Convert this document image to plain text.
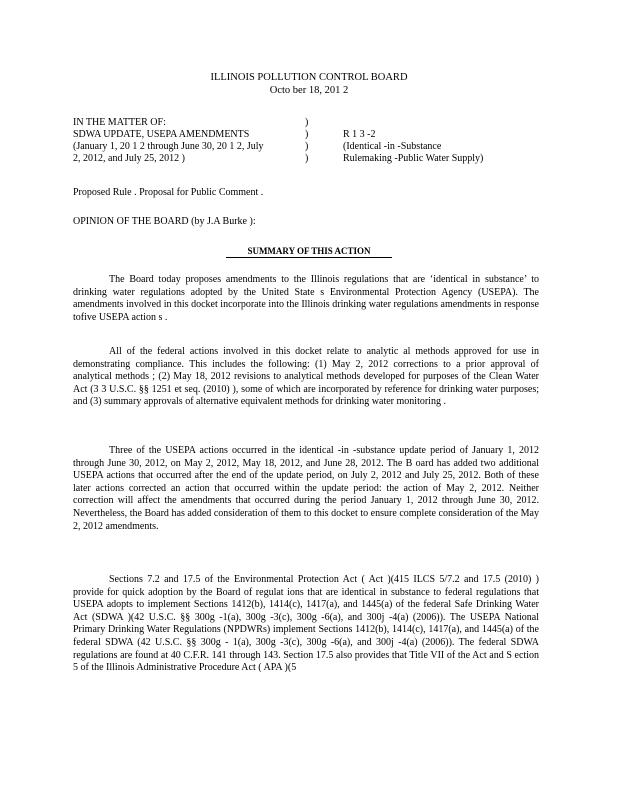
ILLINOIS POLLUTION CONTROL BOARD
Octo ber 18, 201 2
IN THE MATTER OF:	)
SDWA UPDATE, USEPA AMENDMENTS	)	R 1 3 -2
(January 1, 20 1 2 through June 30, 20 1 2, July	)	(Identical -in -Substance
2, 2012, and July 25, 2012 )	)	Rulemaking -Public Water Supply)
Proposed Rule . Proposal for Public Comment .
OPINION OF THE BOARD (by J.A Burke ):
SUMMARY OF THIS ACTION

The Board today proposes amendments to the Illinois regulations that are ‘identical in substance’ to drinking water regulations adopted by the United State s Environmental Protection Agency (USEPA). The amendments involved in this docket incorporate into the Illinois drinking water regulations amendments in response tofive USEPA action s .

All of the federal actions involved in this docket relate to analytic al methods approved for use in demonstrating compliance. This includes the following: (1) May 2, 2012 corrections to a prior approval of analytical methods ; (2) May 18, 2012 revisions to analytical methods developed for purposes of the Clean Water Act (3 3 U.S.C. §§ 1251 et seq. (2010) ), some of which are incorporated by reference for drinking water purposes; and (3) summary approvals of alternative equivalent methods for drinking water monitoring .

Three of the USEPA actions occurred in the identical -in -substance update period of January 1, 2012 through June 30, 2012, on May 2, 2012, May 18, 2012, and June 28, 2012. The B oard has added two additional USEPA actions that occurred after the end of the update period, on July 2, 2012 and July 25, 2012. Both of these later actions corrected an action that occurred within the update period: the action of May 2, 2012. Neither correction will affect the amendments that occurred during the period January 1, 2012 through June 30, 2012. Nevertheless, the Board has added consideration of them to this docket to ensure complete consideration of the May 2, 2012 amendments.

Sections 7.2 and 17.5 of the Environmental Protection Act ( Act )(415 ILCS 5/7.2 and 17.5 (2010) ) provide for quick adoption by the Board of regulat ions that are identical in substance to federal regulations that USEPA adopts to implement Sections 1412(b), 1414(c), 1417(a), and 1445(a) of the federal Safe Drinking Water Act (SDWA )(42 U.S.C. §§ 300g -1(a), 300g -3(c), 300g -6(a), and 300j -4(a) (2006)). The USEPA National Primary Drinking Water Regulations (NPDWRs) implement Sections 1412(b), 1414(c), 1417(a), and 1445(a) of the federal SDWA (42 U.S.C. §§ 300g - 1(a), 300g -3(c), 300g -6(a), and 300j -4(a) (2006)). The federal SDWA regulations are found at 40 C.F.R. 141 through 143. Section 17.5 also provides that Title VII of the Act and S ection 5 of the Illinois Administrative Procedure Act ( APA )(5
